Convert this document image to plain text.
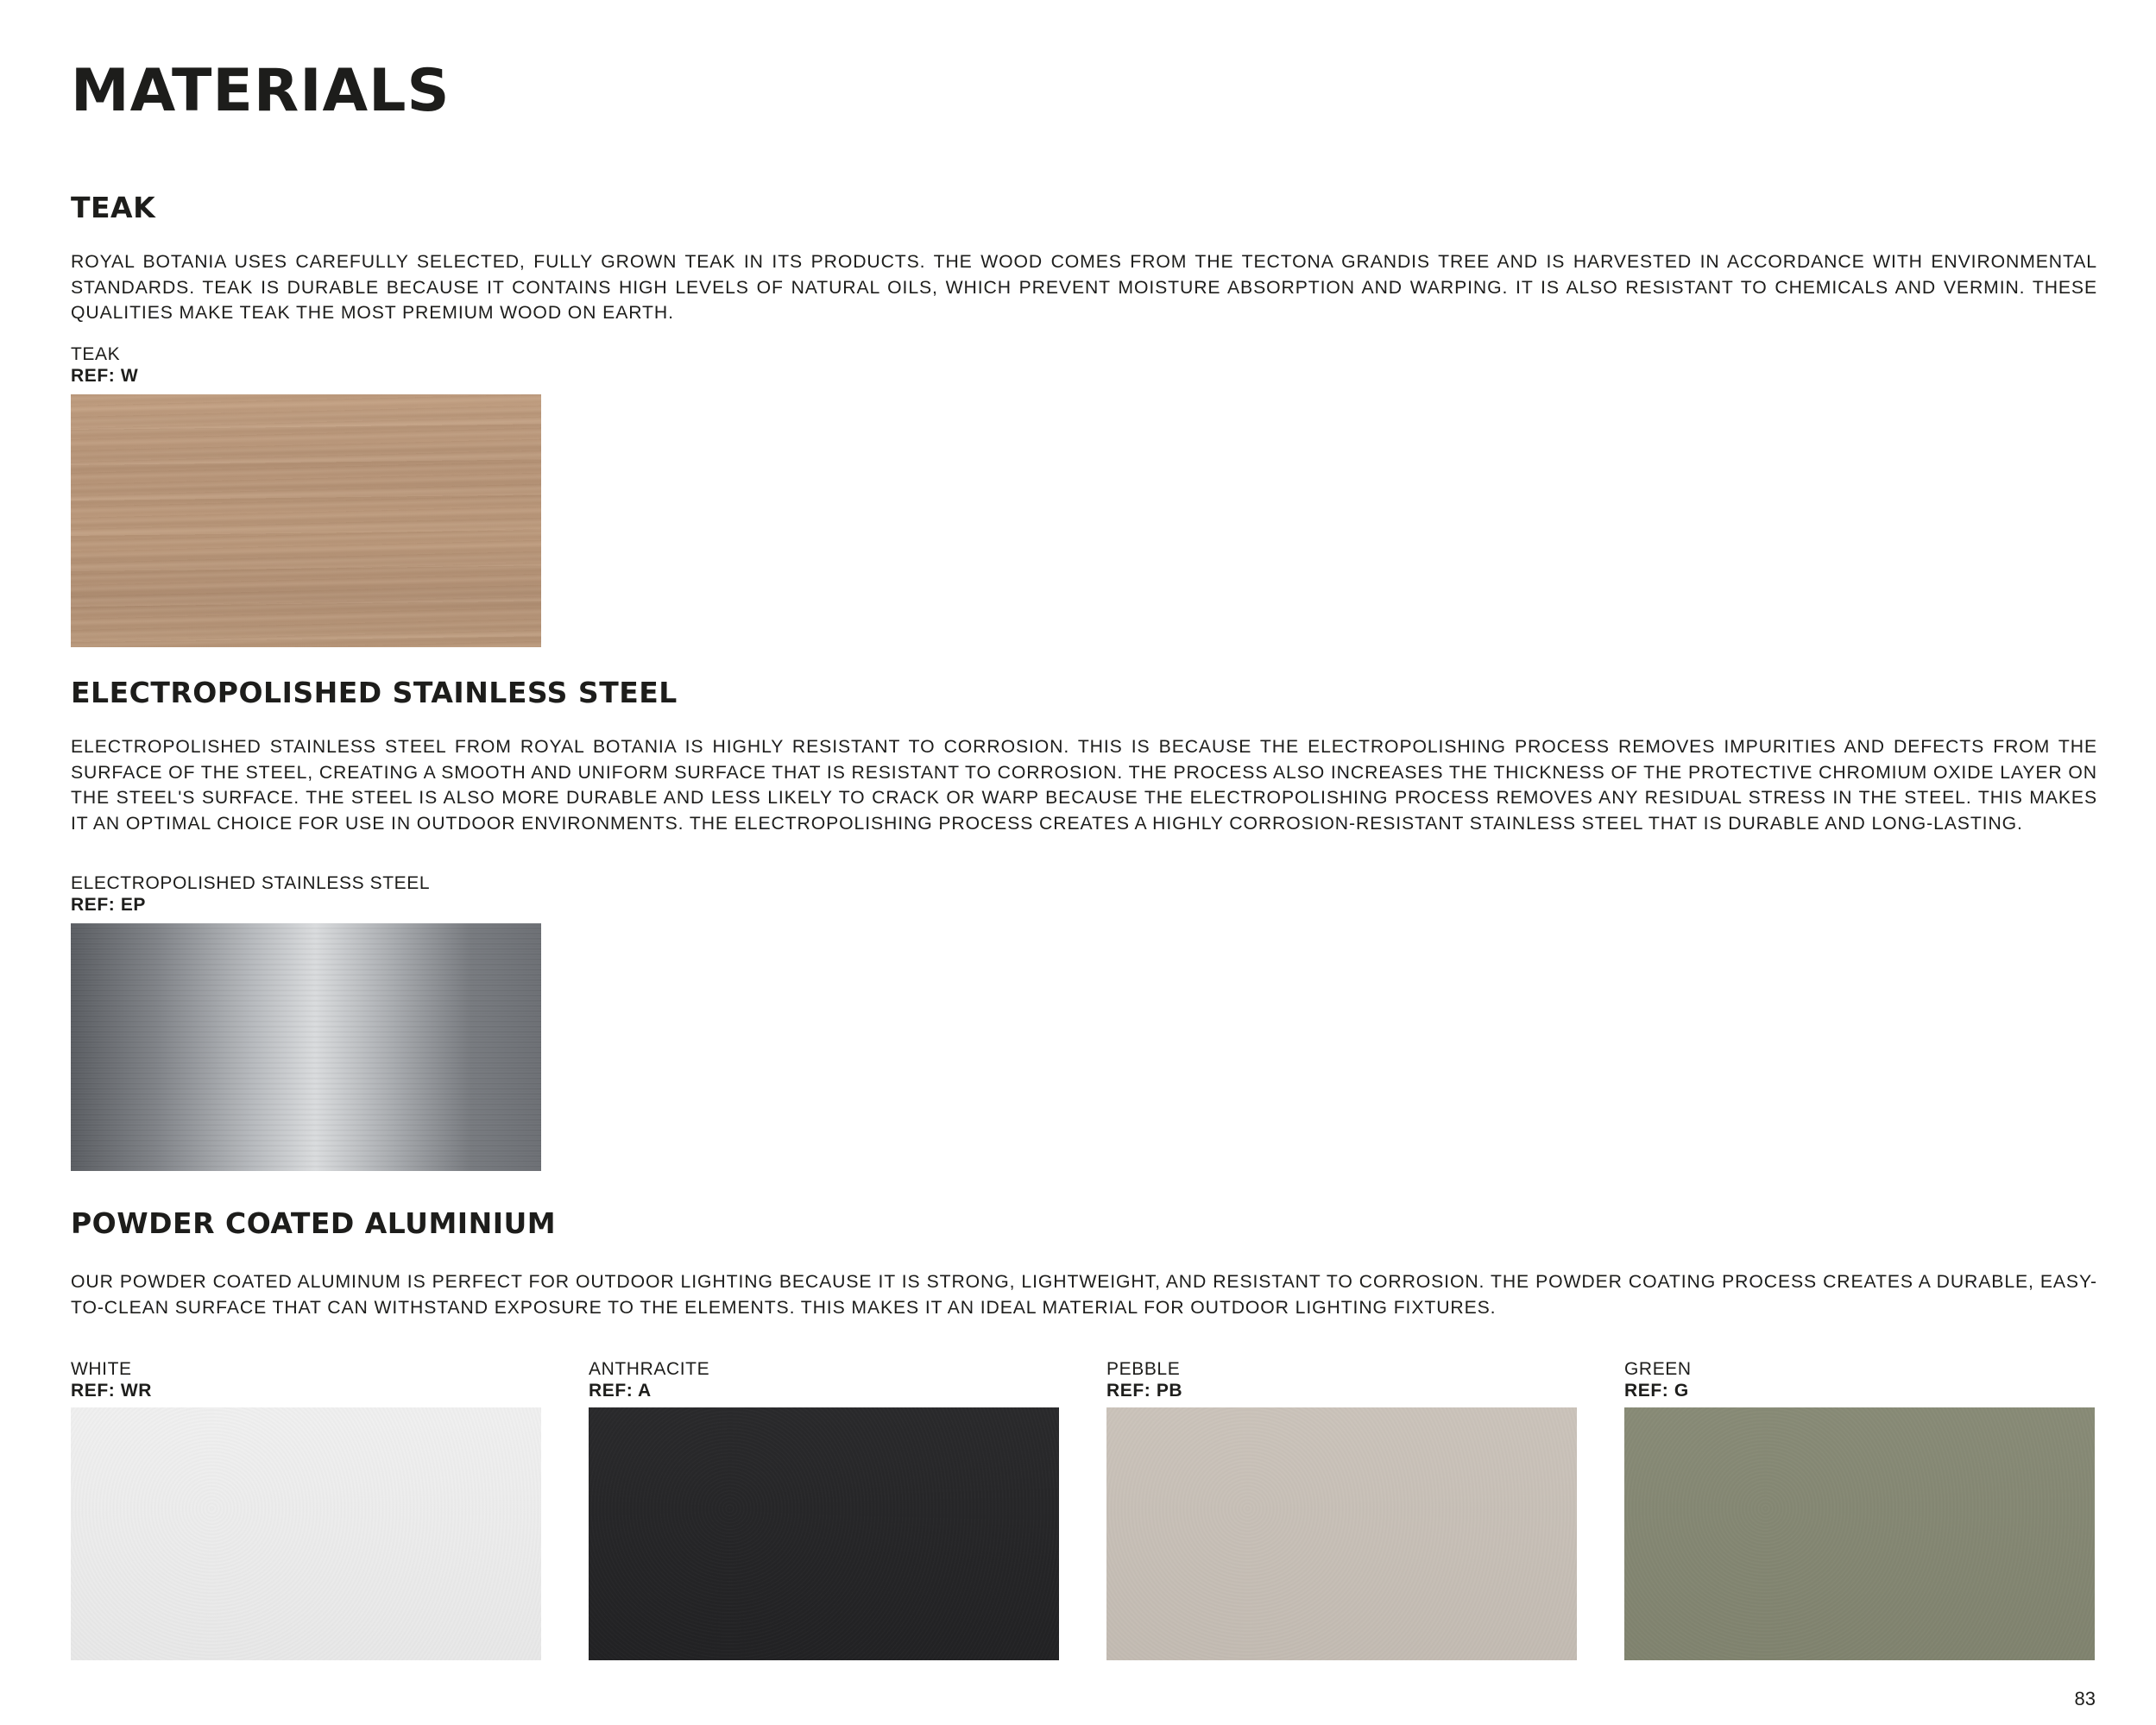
MATERIALS
TEAK

ROYAL BOTANIA USES CAREFULLY SELECTED, FULLY GROWN TEAK IN ITS PRODUCTS. THE WOOD COMES FROM THE TECTONA GRANDIS TREE AND IS HARVESTED IN ACCORDANCE WITH ENVIRONMENTAL STANDARDS. TEAK IS DURABLE BECAUSE IT CONTAINS HIGH LEVELS OF NATURAL OILS, WHICH PREVENT MOISTURE ABSORPTION AND WARPING. IT IS ALSO RESISTANT TO CHEMICALS AND VERMIN. THESE QUALITIES MAKE TEAK THE MOST PREMIUM WOOD ON EARTH.

TEAK
REF: W
ELECTROPOLISHED STAINLESS STEEL

ELECTROPOLISHED STAINLESS STEEL FROM ROYAL BOTANIA IS HIGHLY RESISTANT TO CORROSION. THIS IS BECAUSE THE ELECTROPOLISHING PROCESS REMOVES IMPURITIES AND DEFECTS FROM THE SURFACE OF THE STEEL, CREATING A SMOOTH AND UNIFORM SURFACE THAT IS RESISTANT TO CORROSION. THE PROCESS ALSO INCREASES THE THICKNESS OF THE PROTECTIVE CHROMIUM OXIDE LAYER ON THE STEEL'S SURFACE. THE STEEL IS ALSO MORE DURABLE AND LESS LIKELY TO CRACK OR WARP BECAUSE THE ELECTROPOLISHING PROCESS REMOVES ANY RESIDUAL STRESS IN THE STEEL. THIS MAKES IT AN OPTIMAL CHOICE FOR USE IN OUTDOOR ENVIRONMENTS. THE ELECTROPOLISHING PROCESS CREATES A HIGHLY CORROSION-RESISTANT STAINLESS STEEL THAT IS DURABLE AND LONG-LASTING.

ELECTROPOLISHED STAINLESS STEEL
REF: EP
POWDER COATED ALUMINIUM

OUR POWDER COATED ALUMINUM IS PERFECT FOR OUTDOOR LIGHTING BECAUSE IT IS STRONG, LIGHTWEIGHT, AND RESISTANT TO CORROSION. THE POWDER COATING PROCESS CREATES A DURABLE, EASY-TO-CLEAN SURFACE THAT CAN WITHSTAND EXPOSURE TO THE ELEMENTS. THIS MAKES IT AN IDEAL MATERIAL FOR OUTDOOR LIGHTING FIXTURES.

WHITE
REF: WR
ANTHRACITE
REF: A
PEBBLE
REF: PB
GREEN
REF: G
83
